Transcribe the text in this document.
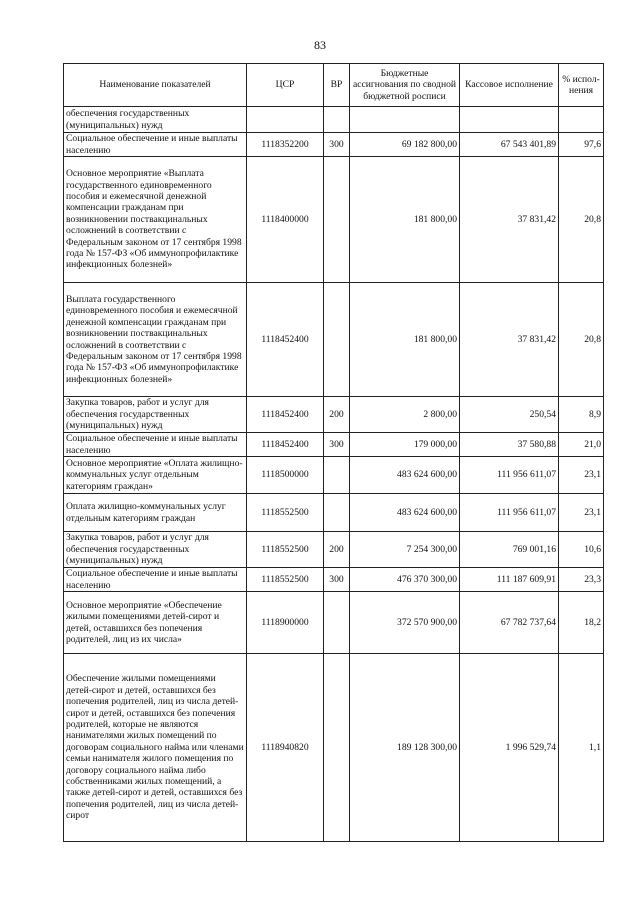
83
Наименование показателей	ЦСР	ВР	Бюджетные ассигнования по сводной бюджетной росписи	Кассовое исполнение	% испол-нения
обеспечения государственных (муниципальных) нужд					
Социальное обеспечение и иные выплаты населению	1118352200	300	69 182 800,00	67 543 401,89	97,6
Основное мероприятие «Выплата государственного единовременного пособия и ежемесячной денежной компенсации гражданам при возникновении поствакцинальных осложнений в соответствии с Федеральным законом от 17 сентября 1998 года № 157-ФЗ «Об иммунопрофилактике инфекционных болезней»	1118400000		181 800,00	37 831,42	20,8
Выплата государственного единовременного пособия и ежемесячной денежной компенсации гражданам при возникновении поствакцинальных осложнений в соответствии с Федеральным законом от 17 сентября 1998 года № 157-ФЗ «Об иммунопрофилактике инфекционных болезней»	1118452400		181 800,00	37 831,42	20,8
Закупка товаров, работ и услуг для обеспечения государственных (муниципальных) нужд	1118452400	200	2 800,00	250,54	8,9
Социальное обеспечение и иные выплаты населению	1118452400	300	179 000,00	37 580,88	21,0
Основное мероприятие «Оплата жилищно-коммунальных услуг отдельным категориям граждан»	1118500000		483 624 600,00	111 956 611,07	23,1
Оплата жилищно-коммунальных услуг отдельным категориям граждан	1118552500		483 624 600,00	111 956 611,07	23,1
Закупка товаров, работ и услуг для обеспечения государственных (муниципальных) нужд	1118552500	200	7 254 300,00	769 001,16	10,6
Социальное обеспечение и иные выплаты населению	1118552500	300	476 370 300,00	111 187 609,91	23,3
Основное мероприятие «Обеспечение жилыми помещениями детей-сирот и детей, оставшихся без попечения родителей, лиц из их числа»	1118900000		372 570 900,00	67 782 737,64	18,2
Обеспечение жилыми помещениями детей-сирот и детей, оставшихся без попечения родителей, лиц из числа детей-сирот и детей, оставшихся без попечения родителей, которые не являются нанимателями жилых помещений по договорам социального найма или членами семьи нанимателя жилого помещения по договору социального найма либо собственниками жилых помещений, а также детей-сирот и детей, оставшихся без попечения родителей, лиц из числа детей-сирот	1118940820		189 128 300,00	1 996 529,74	1,1
